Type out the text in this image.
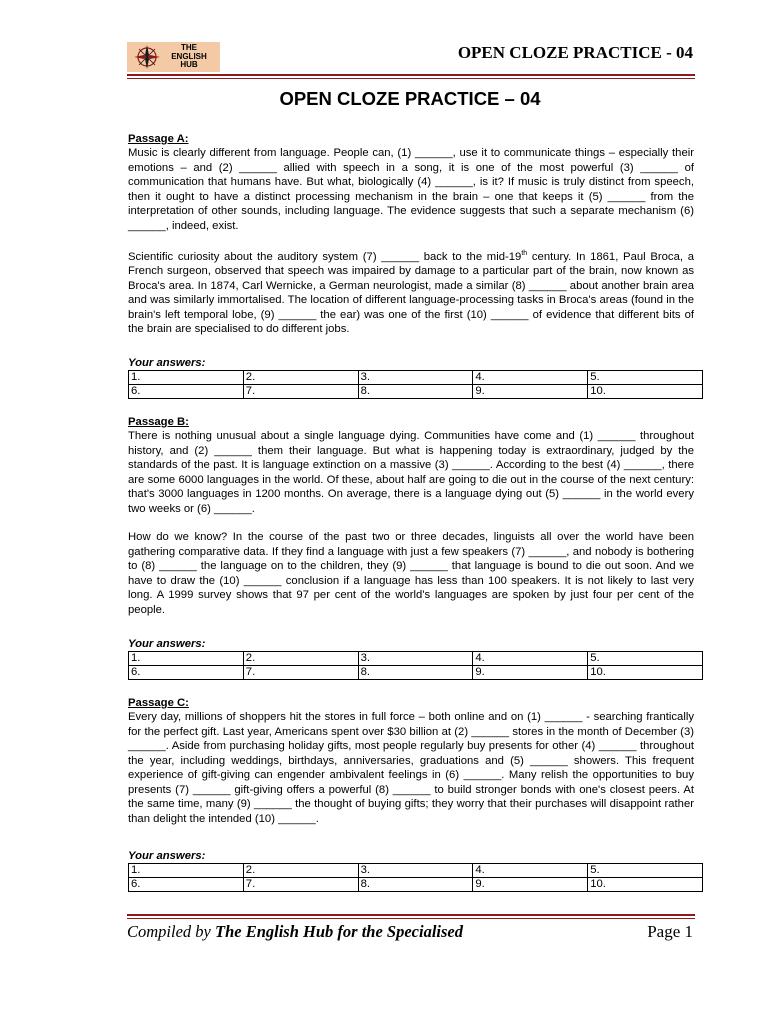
THE
ENGLISH
HUB
OPEN CLOZE PRACTICE - 04
OPEN CLOZE PRACTICE – 04

Passage A:

Music is clearly different from language. People can, (1) ______, use it to communicate things – especially their emotions – and (2) ______ allied with speech in a song, it is one of the most powerful (3) ______ of communication that humans have. But what, biologically (4) ______, is it? If music is truly distinct from speech, then it ought to have a distinct processing mechanism in the brain – one that keeps it (5) ______ from the interpretation of other sounds, including language. The evidence suggests that such a separate mechanism (6) ______, indeed, exist.

Scientific curiosity about the auditory system (7) ______ back to the mid-19th century. In 1861, Paul Broca, a French surgeon, observed that speech was impaired by damage to a particular part of the brain, now known as Broca's area. In 1874, Carl Wernicke, a German neurologist, made a similar (8) ______ about another brain area and was similarly immortalised. The location of different language-processing tasks in Broca's areas (found in the brain's left temporal lobe, (9) ______ the ear) was one of the first (10) ______ of evidence that different bits of the brain are specialised to do different jobs.

Your answers:

1.	2.	3.	4.	5.
6.	7.	8.	9.	10.

Passage B:

There is nothing unusual about a single language dying. Communities have come and (1) ______ throughout history, and (2) ______ them their language. But what is happening today is extraordinary, judged by the standards of the past. It is language extinction on a massive (3) ______. According to the best (4) ______, there are some 6000 languages in the world. Of these, about half are going to die out in the course of the next century: that's 3000 languages in 1200 months. On average, there is a language dying out (5) ______ in the world every two weeks or (6) ______.

How do we know? In the course of the past two or three decades, linguists all over the world have been gathering comparative data. If they find a language with just a few speakers (7) ______, and nobody is bothering to (8) ______ the language on to the children, they (9) ______ that language is bound to die out soon. And we have to draw the (10) ______ conclusion if a language has less than 100 speakers. It is not likely to last very long. A 1999 survey shows that 97 per cent of the world's languages are spoken by just four per cent of the people.

Your answers:

1.	2.	3.	4.	5.
6.	7.	8.	9.	10.

Passage C:

Every day, millions of shoppers hit the stores in full force – both online and on (1) ______ - searching frantically for the perfect gift. Last year, Americans spent over $30 billion at (2) ______ stores in the month of December (3) ______. Aside from purchasing holiday gifts, most people regularly buy presents for other (4) ______ throughout the year, including weddings, birthdays, anniversaries, graduations and (5) ______ showers. This frequent experience of gift-giving can engender ambivalent feelings in (6) ______. Many relish the opportunities to buy presents (7) ______ gift-giving offers a powerful (8) ______ to build stronger bonds with one's closest peers. At the same time, many (9) ______ the thought of buying gifts; they worry that their purchases will disappoint rather than delight the intended (10) ______.

Your answers:

1.	2.	3.	4.	5.
6.	7.	8.	9.	10.
Compiled by The English Hub for the Specialised	Page 1
